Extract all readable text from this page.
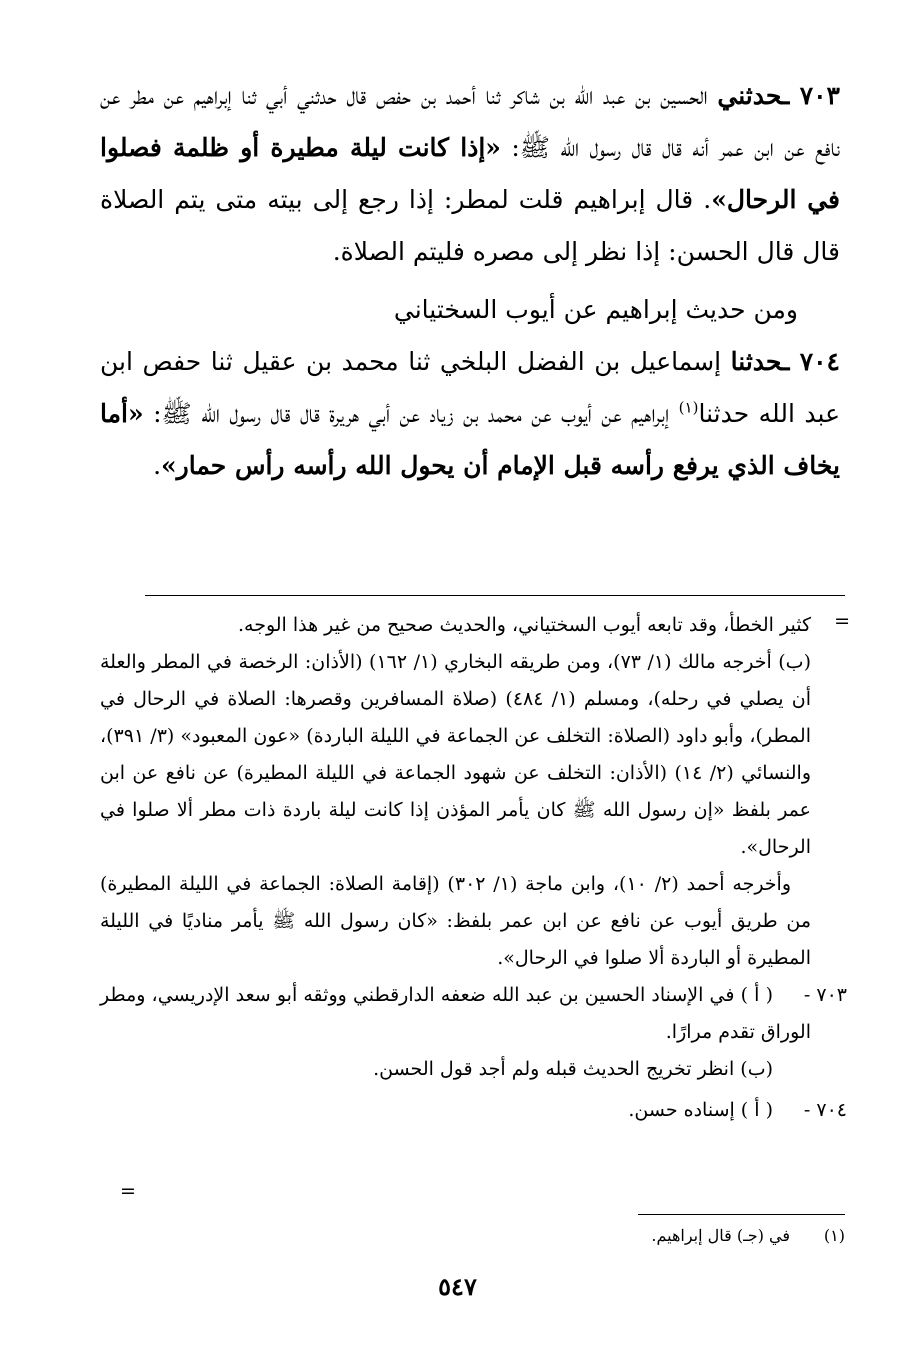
٧٠٣ ـحدثني الحسين بن عبد الله بن شاكر ثنا أحمد بن حفص قال حدثني أبي ثنا إبراهيم عن مطر عن نافع عن ابن عمر أنه قال قال رسول الله ﷺ: «إذا كانت ليلة مطيرة أو ظلمة فصلوا في الرحال». قال إبراهيم قلت لمطر: إذا رجع إلى بيته متى يتم الصلاة قال قال الحسن: إذا نظر إلى مصره فليتم الصلاة.

ومن حديث إبراهيم عن أيوب السختياني

٧٠٤ ـحدثنا إسماعيل بن الفضل البلخي ثنا محمد بن عقيل ثنا حفص ابن عبد الله حدثنا$^{(١)}$ إبراهيم عن أيوب عن محمد بن زياد عن أبي هريرة قال قال رسول الله ﷺ: «أما يخاف الذي يرفع رأسه قبل الإمام أن يحول الله رأسه رأس حمار».

=

كثير الخطأ، وقد تابعه أيوب السختياني، والحديث صحيح من غير هذا الوجه.

(ب) أخرجه مالك (١/ ٧٣)، ومن طريقه البخاري (١/ ١٦٢) (الأذان: الرخصة في المطر والعلة أن يصلي في رحله)، ومسلم (١/ ٤٨٤) (صلاة المسافرين وقصرها: الصلاة في الرحال في المطر)، وأبو داود (الصلاة: التخلف عن الجماعة في الليلة الباردة) «عون المعبود» (٣/ ٣٩١)، والنسائي (٢/ ١٤) (الأذان: التخلف عن شهود الجماعة في الليلة المطيرة) عن نافع عن ابن عمر بلفظ «إن رسول الله ﷺ كان يأمر المؤذن إذا كانت ليلة باردة ذات مطر ألا صلوا في الرحال».

وأخرجه أحمد (٢/ ١٠)، وابن ماجة (١/ ٣٠٢) (إقامة الصلاة: الجماعة في الليلة المطيرة) من طريق أيوب عن نافع عن ابن عمر بلفظ: «كان رسول الله ﷺ يأمر مناديًا في الليلة المطيرة أو الباردة ألا صلوا في الرحال».

٧٠٣ -
( أ ) في الإسناد الحسين بن عبد الله ضعفه الدارقطني ووثقه أبو سعد الإدريسي، ومطر الوراق تقدم مرارًا.

(ب) انظر تخريج الحديث قبله ولم أجد قول الحسن.

٧٠٤ -
( أ ) إسناده حسن.

=
(١)في (جـ) قال إبراهيم.
٥٤٧
